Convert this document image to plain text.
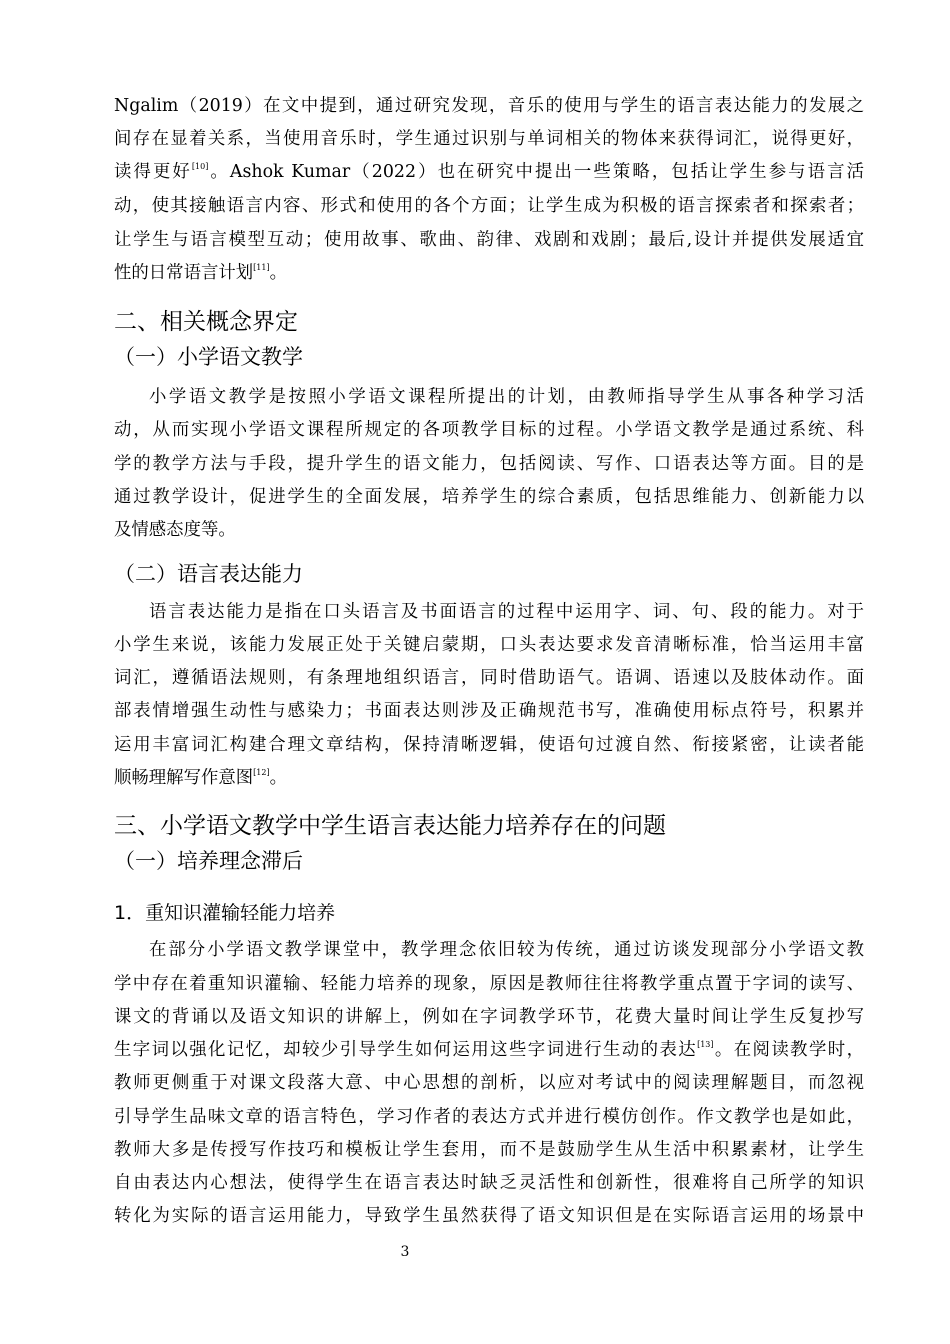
Ngalim（2019）在文中提到，通过研究发现，音乐的使用与学生的语言表达能力的发展之
间存在显着关系，当使用音乐时，学生通过识别与单词相关的物体来获得词汇，说得更好，
读得更好[10]。Ashok Kumar（2022）也在研究中提出一些策略，包括让学生参与语言活
动，使其接触语言内容、形式和使用的各个方面；让学生成为积极的语言探索者和探索者；
让学生与语言模型互动；使用故事、歌曲、韵律、戏剧和戏剧；最后,设计并提供发展适宜
性的日常语言计划[11]。
二、相关概念界定
（一）小学语文教学
小学语文教学是按照小学语文课程所提出的计划，由教师指导学生从事各种学习活
动，从而实现小学语文课程所规定的各项教学目标的过程。小学语文教学是通过系统、科
学的教学方法与手段，提升学生的语文能力，包括阅读、写作、口语表达等方面。目的是
通过教学设计，促进学生的全面发展，培养学生的综合素质，包括思维能力、创新能力以
及情感态度等。
（二）语言表达能力
语言表达能力是指在口头语言及书面语言的过程中运用字、词、句、段的能力。对于
小学生来说，该能力发展正处于关键启蒙期，口头表达要求发音清晰标准，恰当运用丰富
词汇，遵循语法规则，有条理地组织语言，同时借助语气。语调、语速以及肢体动作。面
部表情增强生动性与感染力；书面表达则涉及正确规范书写，准确使用标点符号，积累并
运用丰富词汇构建合理文章结构，保持清晰逻辑，使语句过渡自然、衔接紧密，让读者能
顺畅理解写作意图[12]。
三、小学语文教学中学生语言表达能力培养存在的问题
（一）培养理念滞后
1．重知识灌输轻能力培养
在部分小学语文教学课堂中，教学理念依旧较为传统，通过访谈发现部分小学语文教
学中存在着重知识灌输、轻能力培养的现象，原因是教师往往将教学重点置于字词的读写、
课文的背诵以及语文知识的讲解上，例如在字词教学环节，花费大量时间让学生反复抄写
生字词以强化记忆，却较少引导学生如何运用这些字词进行生动的表达[13]。在阅读教学时，
教师更侧重于对课文段落大意、中心思想的剖析，以应对考试中的阅读理解题目，而忽视
引导学生品味文章的语言特色，学习作者的表达方式并进行模仿创作。作文教学也是如此，
教师大多是传授写作技巧和模板让学生套用，而不是鼓励学生从生活中积累素材，让学生
自由表达内心想法，使得学生在语言表达时缺乏灵活性和创新性，很难将自己所学的知识
转化为实际的语言运用能力，导致学生虽然获得了语文知识但是在实际语言运用的场景中
3
